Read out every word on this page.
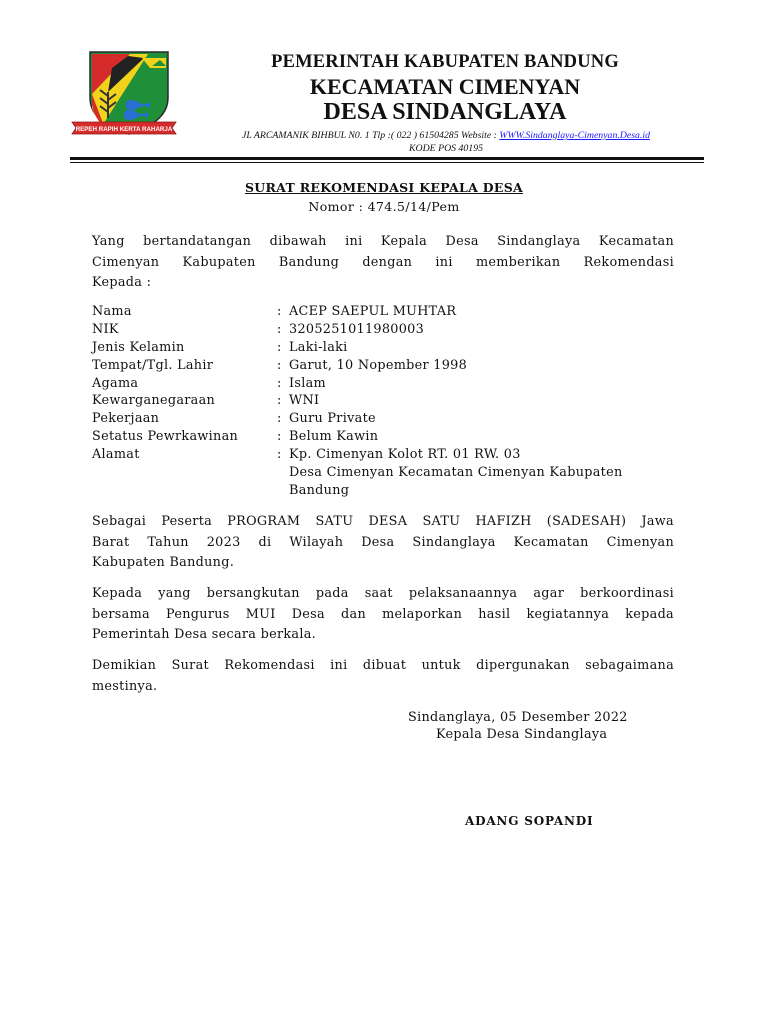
REPEH RAPIH KERTA RAHARJA
PEMERINTAH KABUPATEN BANDUNG
KECAMATAN CIMENYAN
DESA SINDANGLAYA
JL ARCAMANIK BIHBUL N0. 1 Tlp :( 022 ) 61504285 Website : WWW.Sindanglaya-Cimenyan.Desa.id
KODE POS 40195
SURAT REKOMENDASI KEPALA DESA
Nomor : 474.5/14/Pem
Yang bertandatangan dibawah ini Kepala Desa Sindanglaya Kecamatan
Cimenyan Kabupaten Bandung dengan ini memberikan Rekomendasi
Kepada :
Nama	: ACEP SAEPUL MUHTAR
NIK	: 3205251011980003
Jenis Kelamin	: Laki-laki
Tempat/Tgl. Lahir	: Garut, 10 Nopember 1998
Agama	: Islam
Kewarganegaraan	: WNI
Pekerjaan	: Guru Private
Setatus Pewrkawinan	: Belum Kawin
Alamat	: Kp. Cimenyan Kolot RT. 01 RW. 03
Desa Cimenyan Kecamatan Cimenyan Kabupaten
Bandung
Sebagai Peserta PROGRAM SATU DESA SATU HAFIZH (SADESAH) Jawa
Barat Tahun 2023 di Wilayah Desa Sindanglaya Kecamatan Cimenyan
Kabupaten Bandung.
Kepada yang bersangkutan pada saat pelaksanaannya agar berkoordinasi
bersama Pengurus MUI Desa dan melaporkan hasil kegiatannya kepada
Pemerintah Desa secara berkala.
Demikian Surat Rekomendasi ini dibuat untuk dipergunakan sebagaimana
mestinya.
Sindanglaya, 05 Desember 2022
Kepala Desa Sindanglaya
ADANG SOPANDI
